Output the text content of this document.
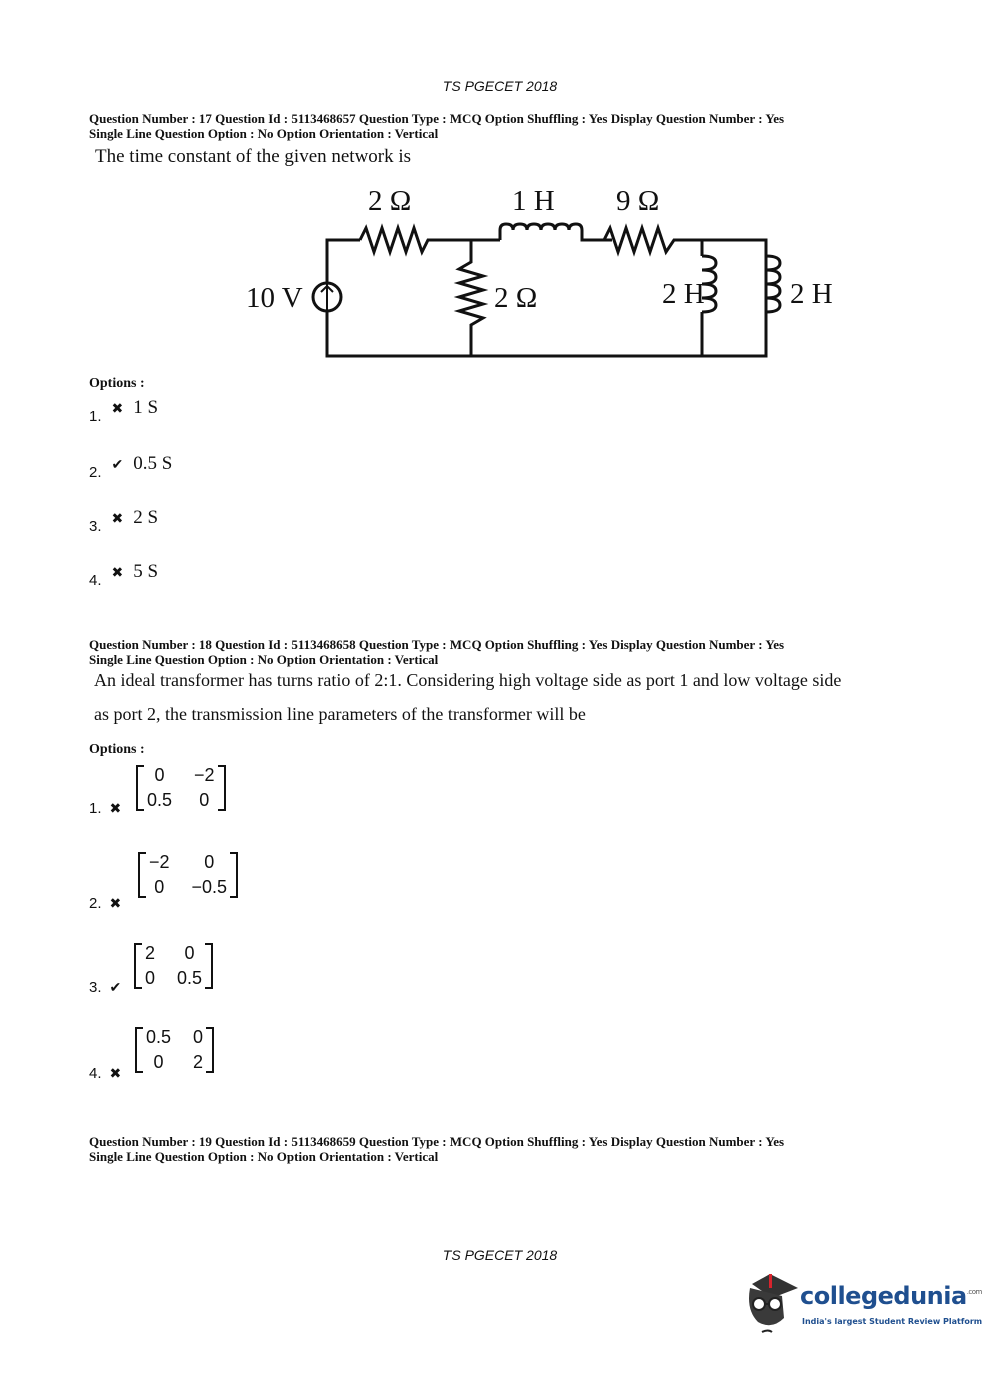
TS PGECET 2018
Question Number : 17 Question Id : 5113468657 Question Type : MCQ Option Shuffling : Yes Display Question Number : Yes
Single Line Question Option : No Option Orientation : Vertical
The time constant of the given network is
10 V
2 Ω	1 H 9 Ω
2 Ω	2 H	2 H
Options :
1. ✖ 1 S
2. ✔ 0.5 S
3. ✖ 2 S
4. ✖ 5 S
Question Number : 18 Question Id : 5113468658 Question Type : MCQ Option Shuffling : Yes Display Question Number : Yes
Single Line Question Option : No Option Orientation : Vertical
An ideal transformer has turns ratio of 2:1. Considering high voltage side as port 1 and low voltage side
as port 2, the transmission line parameters of the transformer will be
Options :
1. ✖
0	−2
0.5 0
2. ✖
−2	0
0 −0.5
3. ✔
2	0
0 0.5
4. ✖
0.5 0
0	2
Question Number : 19 Question Id : 5113468659 Question Type : MCQ Option Shuffling : Yes Display Question Number : Yes
Single Line Question Option : No Option Orientation : Vertical
TS PGECET 2018
collegedunia$^{.com}$
India's largest Student Review Platform
